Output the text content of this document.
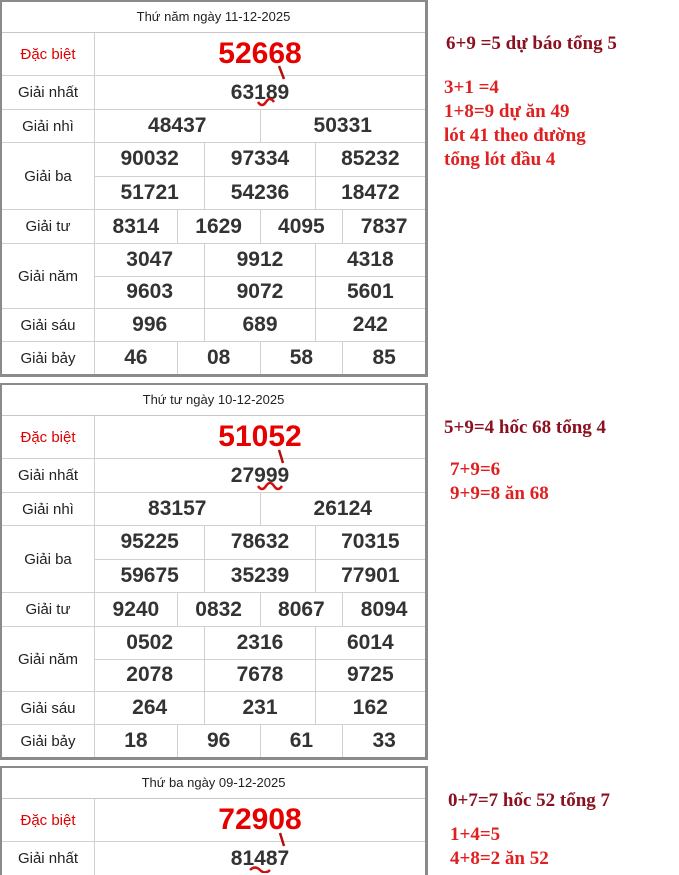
Thứ năm ngày 11-12-2025
Đặc biệt	52668
Giải nhất	63189
Giải nhì	48437	50331
Giải ba
90032	97334	85232
51721	54236	18472
Giải tư	8314	1629	4095	7837
Giải năm
3047	9912	4318
9603	9072	5601
Giải sáu	996	689	242
Giải bảy	46	08	58	85
Thứ tư ngày 10-12-2025
Đặc biệt	51052
Giải nhất	27999
Giải nhì	83157	26124
Giải ba
95225	78632	70315
59675	35239	77901
Giải tư	9240	0832	8067	8094
Giải năm
0502	2316	6014
2078	7678	9725
Giải sáu	264	231	162
Giải bảy	18	96	61	33
Thứ ba ngày 09-12-2025
Đặc biệt	72908
Giải nhất	81487
6+9 =5 dự báo tổng 5
3+1 =4
1+8=9 dự ăn 49
lót 41 theo đường
tổng lót đầu 4
5+9=4 hốc 68 tổng 4
7+9=6
9+9=8 ăn 68
0+7=7 hốc 52 tổng 7
1+4=5
4+8=2 ăn 52
